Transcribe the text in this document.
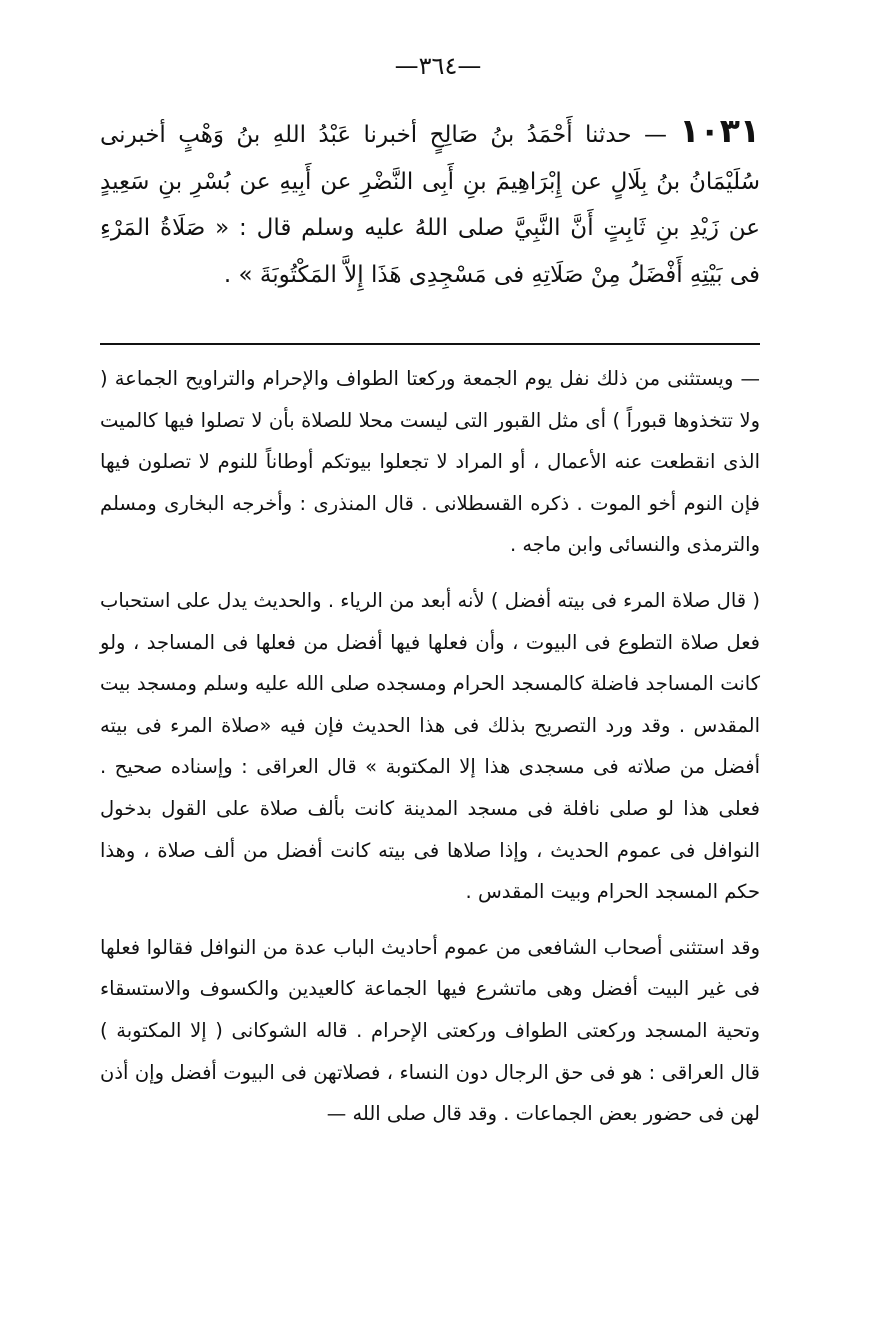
—٣٦٤—
١٠٣١ — حدثنا أَحْمَدُ بنُ صَالِحٍ أخبرنا عَبْدُ اللهِ بنُ وَهْبٍ أخبرنى سُلَيْمَانُ بنُ بِلَالٍ عن إِبْرَاهِيمَ بنِ أَبِى النَّضْرِ عن أَبِيهِ عن بُسْرِ بنِ سَعِيدٍ عن زَيْدِ بنِ ثَابِتٍ أَنَّ النَّبِيَّ صلى اللهُ عليه وسلم قال : « صَلَاةُ المَرْءِ فى بَيْتِهِ أَفْضَلُ مِنْ صَلَاتِهِ فى مَسْجِدِى هَذَا إِلاَّ المَكْتُوبَةَ » .

— ويستثنى من ذلك نفل يوم الجمعة وركعتا الطواف والإحرام والتراويح الجماعة ( ولا تتخذوها قبوراً ) أى مثل القبور التى ليست محلا للصلاة بأن لا تصلوا فيها كالميت الذى انقطعت عنه الأعمال ، أو المراد لا تجعلوا بيوتكم أوطاناً للنوم لا تصلون فيها فإن النوم أخو الموت . ذكره القسطلانى . قال المنذرى : وأخرجه البخارى ومسلم والترمذى والنسائى وابن ماجه .

( قال صلاة المرء فى بيته أفضل ) لأنه أبعد من الرياء . والحديث يدل على استحباب فعل صلاة التطوع فى البيوت ، وأن فعلها فيها أفضل من فعلها فى المساجد ، ولو كانت المساجد فاضلة كالمسجد الحرام ومسجده صلى الله عليه وسلم ومسجد بيت المقدس . وقد ورد التصريح بذلك فى هذا الحديث فإن فيه «صلاة المرء فى بيته أفضل من صلاته فى مسجدى هذا إلا المكتوبة » قال العراقى : وإسناده صحيح . فعلى هذا لو صلى نافلة فى مسجد المدينة كانت بألف صلاة على القول بدخول النوافل فى عموم الحديث ، وإذا صلاها فى بيته كانت أفضل من ألف صلاة ، وهذا حكم المسجد الحرام وبيت المقدس .

وقد استثنى أصحاب الشافعى من عموم أحاديث الباب عدة من النوافل فقالوا فعلها فى غير البيت أفضل وهى ماتشرع فيها الجماعة كالعيدين والكسوف والاستسقاء وتحية المسجد وركعتى الطواف وركعتى الإحرام . قاله الشوكانى ( إلا المكتوبة ) قال العراقى : هو فى حق الرجال دون النساء ، فصلاتهن فى البيوت أفضل وإن أذن لهن فى حضور بعض الجماعات . وقد قال صلى الله —
